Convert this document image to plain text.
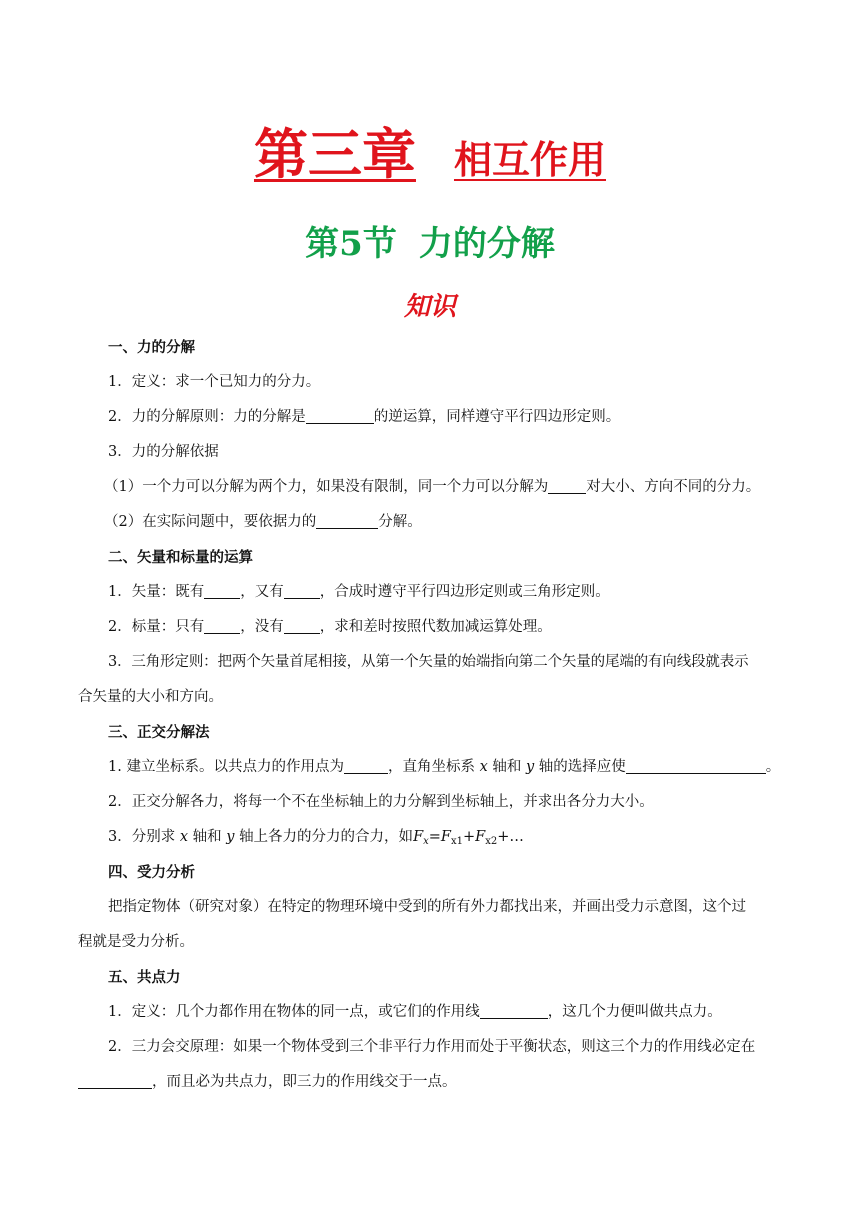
第三章 相互作用
第5节 力的分解
知识

一、力的分解

1．定义：求一个已知力的分力。

2．力的分解原则：力的分解是	的逆运算，同样遵守平行四边形定则。

3．力的分解依据

（1）一个力可以分解为两个力，如果没有限制，同一个力可以分解为	对大小、方向不同的分力。

（2）在实际问题中，要依据力的	分解。

二、矢量和标量的运算

1．矢量：既有 ，又有 ，合成时遵守平行四边形定则或三角形定则。

2．标量：只有 ，没有 ，求和差时按照代数加减运算处理。

3．三角形定则：把两个矢量首尾相接，从第一个矢量的始端指向第二个矢量的尾端的有向线段就表示

合矢量的大小和方向。

三、正交分解法

1. 建立坐标系。以共点力的作用点为	，直角坐标系 x 轴和 y 轴的选择应使	。

2．正交分解各力，将每一个不在坐标轴上的力分解到坐标轴上，并求出各分力大小。

3．分别求 x 轴和 y 轴上各力的分力的合力，如$F_x=F_{x1}+F_{x2}+\dots$

四、受力分析

把指定物体（研究对象）在特定的物理环境中受到的所有外力都找出来，并画出受力示意图，这个过

程就是受力分析。

五、共点力

1．定义：几个力都作用在物体的同一点，或它们的作用线	，这几个力便叫做共点力。

2．三力会交原理：如果一个物体受到三个非平行力作用而处于平衡状态，则这三个力的作用线必定在

，而且必为共点力，即三力的作用线交于一点。
